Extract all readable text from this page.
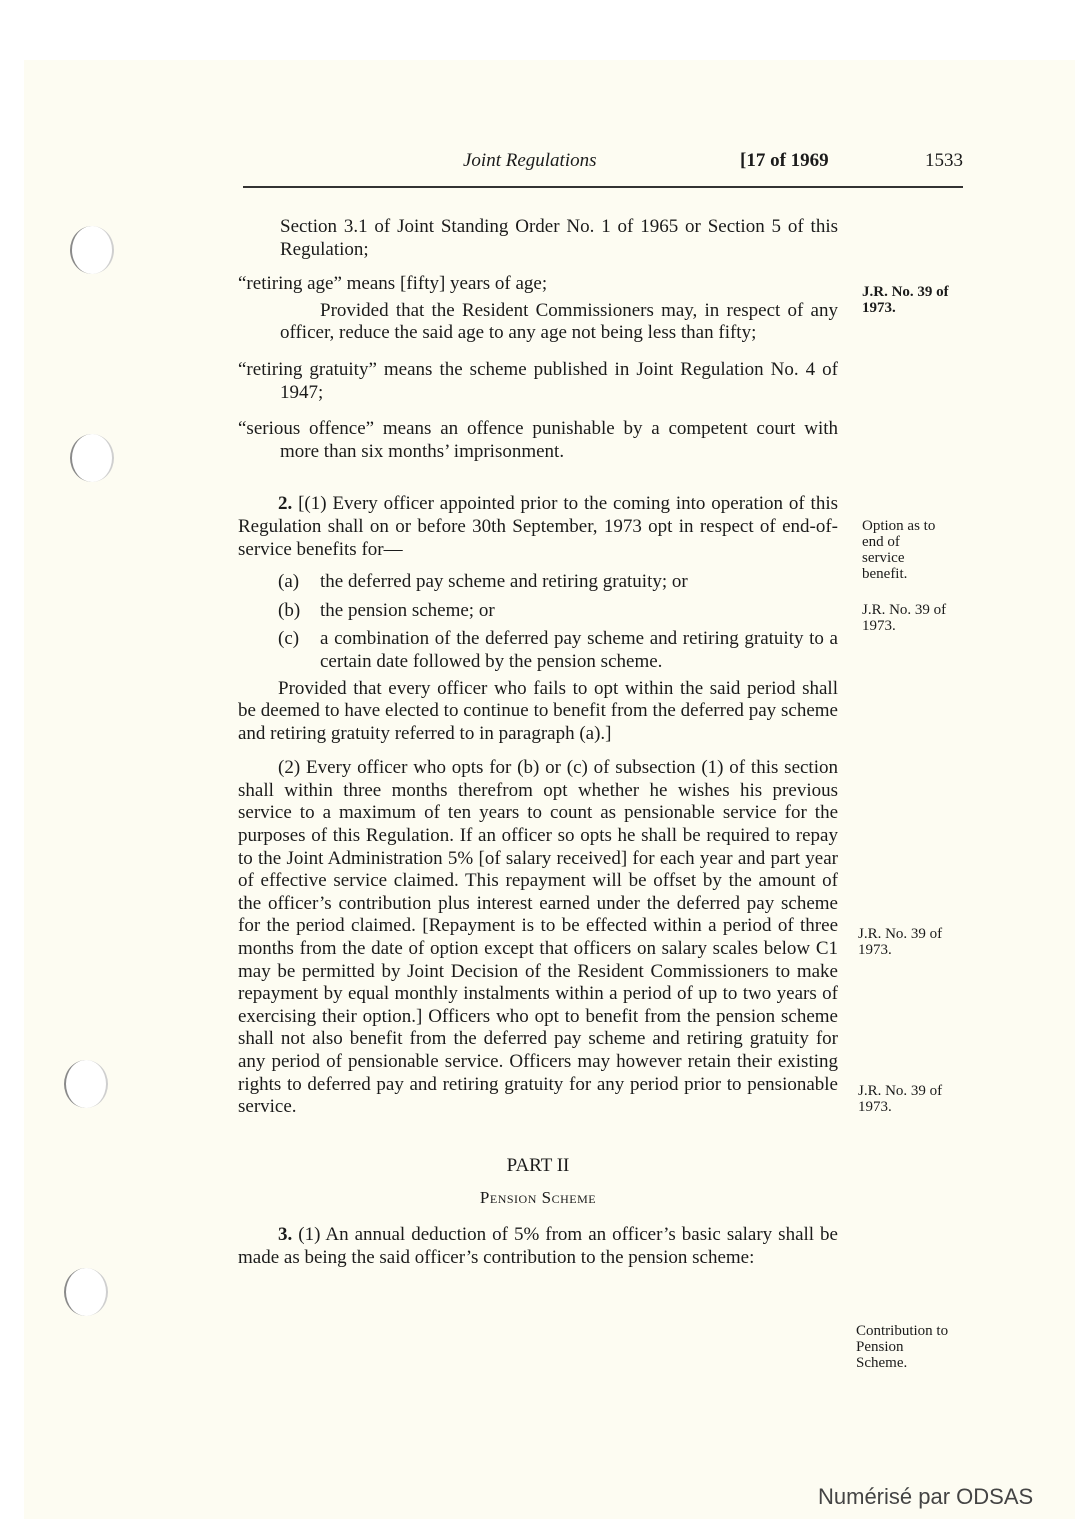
Joint Regulations	[17 of 1969	1533

Section 3.1 of Joint Standing Order No. 1 of 1965 or Section 5 of this Regulation;

“retiring age” means [fifty] years of age;

Provided that the Resident Commissioners may, in respect of any officer, reduce the said age to any age not being less than fifty;

“retiring gratuity” means the scheme published in Joint Regulation No. 4 of 1947;

“serious offence” means an offence punishable by a competent court with more than six months’ imprisonment.

2. [(1) Every officer appointed prior to the coming into operation of this Regulation shall on or before 30th September, 1973 opt in respect of end-of-service benefits for—

(a) the deferred pay scheme and retiring gratuity; or

(b) the pension scheme; or

(c) a combination of the deferred pay scheme and retiring gratuity to a certain date followed by the pension scheme.

Provided that every officer who fails to opt within the said period shall be deemed to have elected to continue to benefit from the deferred pay scheme and retiring gratuity referred to in paragraph (a).]

(2) Every officer who opts for (b) or (c) of subsection (1) of this section shall within three months therefrom opt whether he wishes his previous service to a maximum of ten years to count as pensionable service for the purposes of this Regulation. If an officer so opts he shall be required to repay to the Joint Administration 5% [of salary received] for each year and part year of effective service claimed. This repayment will be offset by the amount of the officer’s contribution plus interest earned under the deferred pay scheme for the period claimed. [Repayment is to be effected within a period of three months from the date of option except that officers on salary scales below C1 may be permitted by Joint Decision of the Resident Commissioners to make repayment by equal monthly instalments within a period of up to two years of exercising their option.] Officers who opt to benefit from the pension scheme shall not also benefit from the deferred pay scheme and retiring gratuity for any period of pensionable service. Officers may however retain their existing rights to deferred pay and retiring gratuity for any period prior to pensionable service.

PART II

Pension Scheme

3. (1) An annual deduction of 5% from an officer’s basic salary shall be made as being the said officer’s contribution to the pension scheme:

J.R. No. 39 of 1973.
Option as to end of service benefit.
J.R. No. 39 of 1973.
J.R. No. 39 of 1973.
J.R. No. 39 of 1973.
Contribution to Pension Scheme.
Numérisé par ODSAS
